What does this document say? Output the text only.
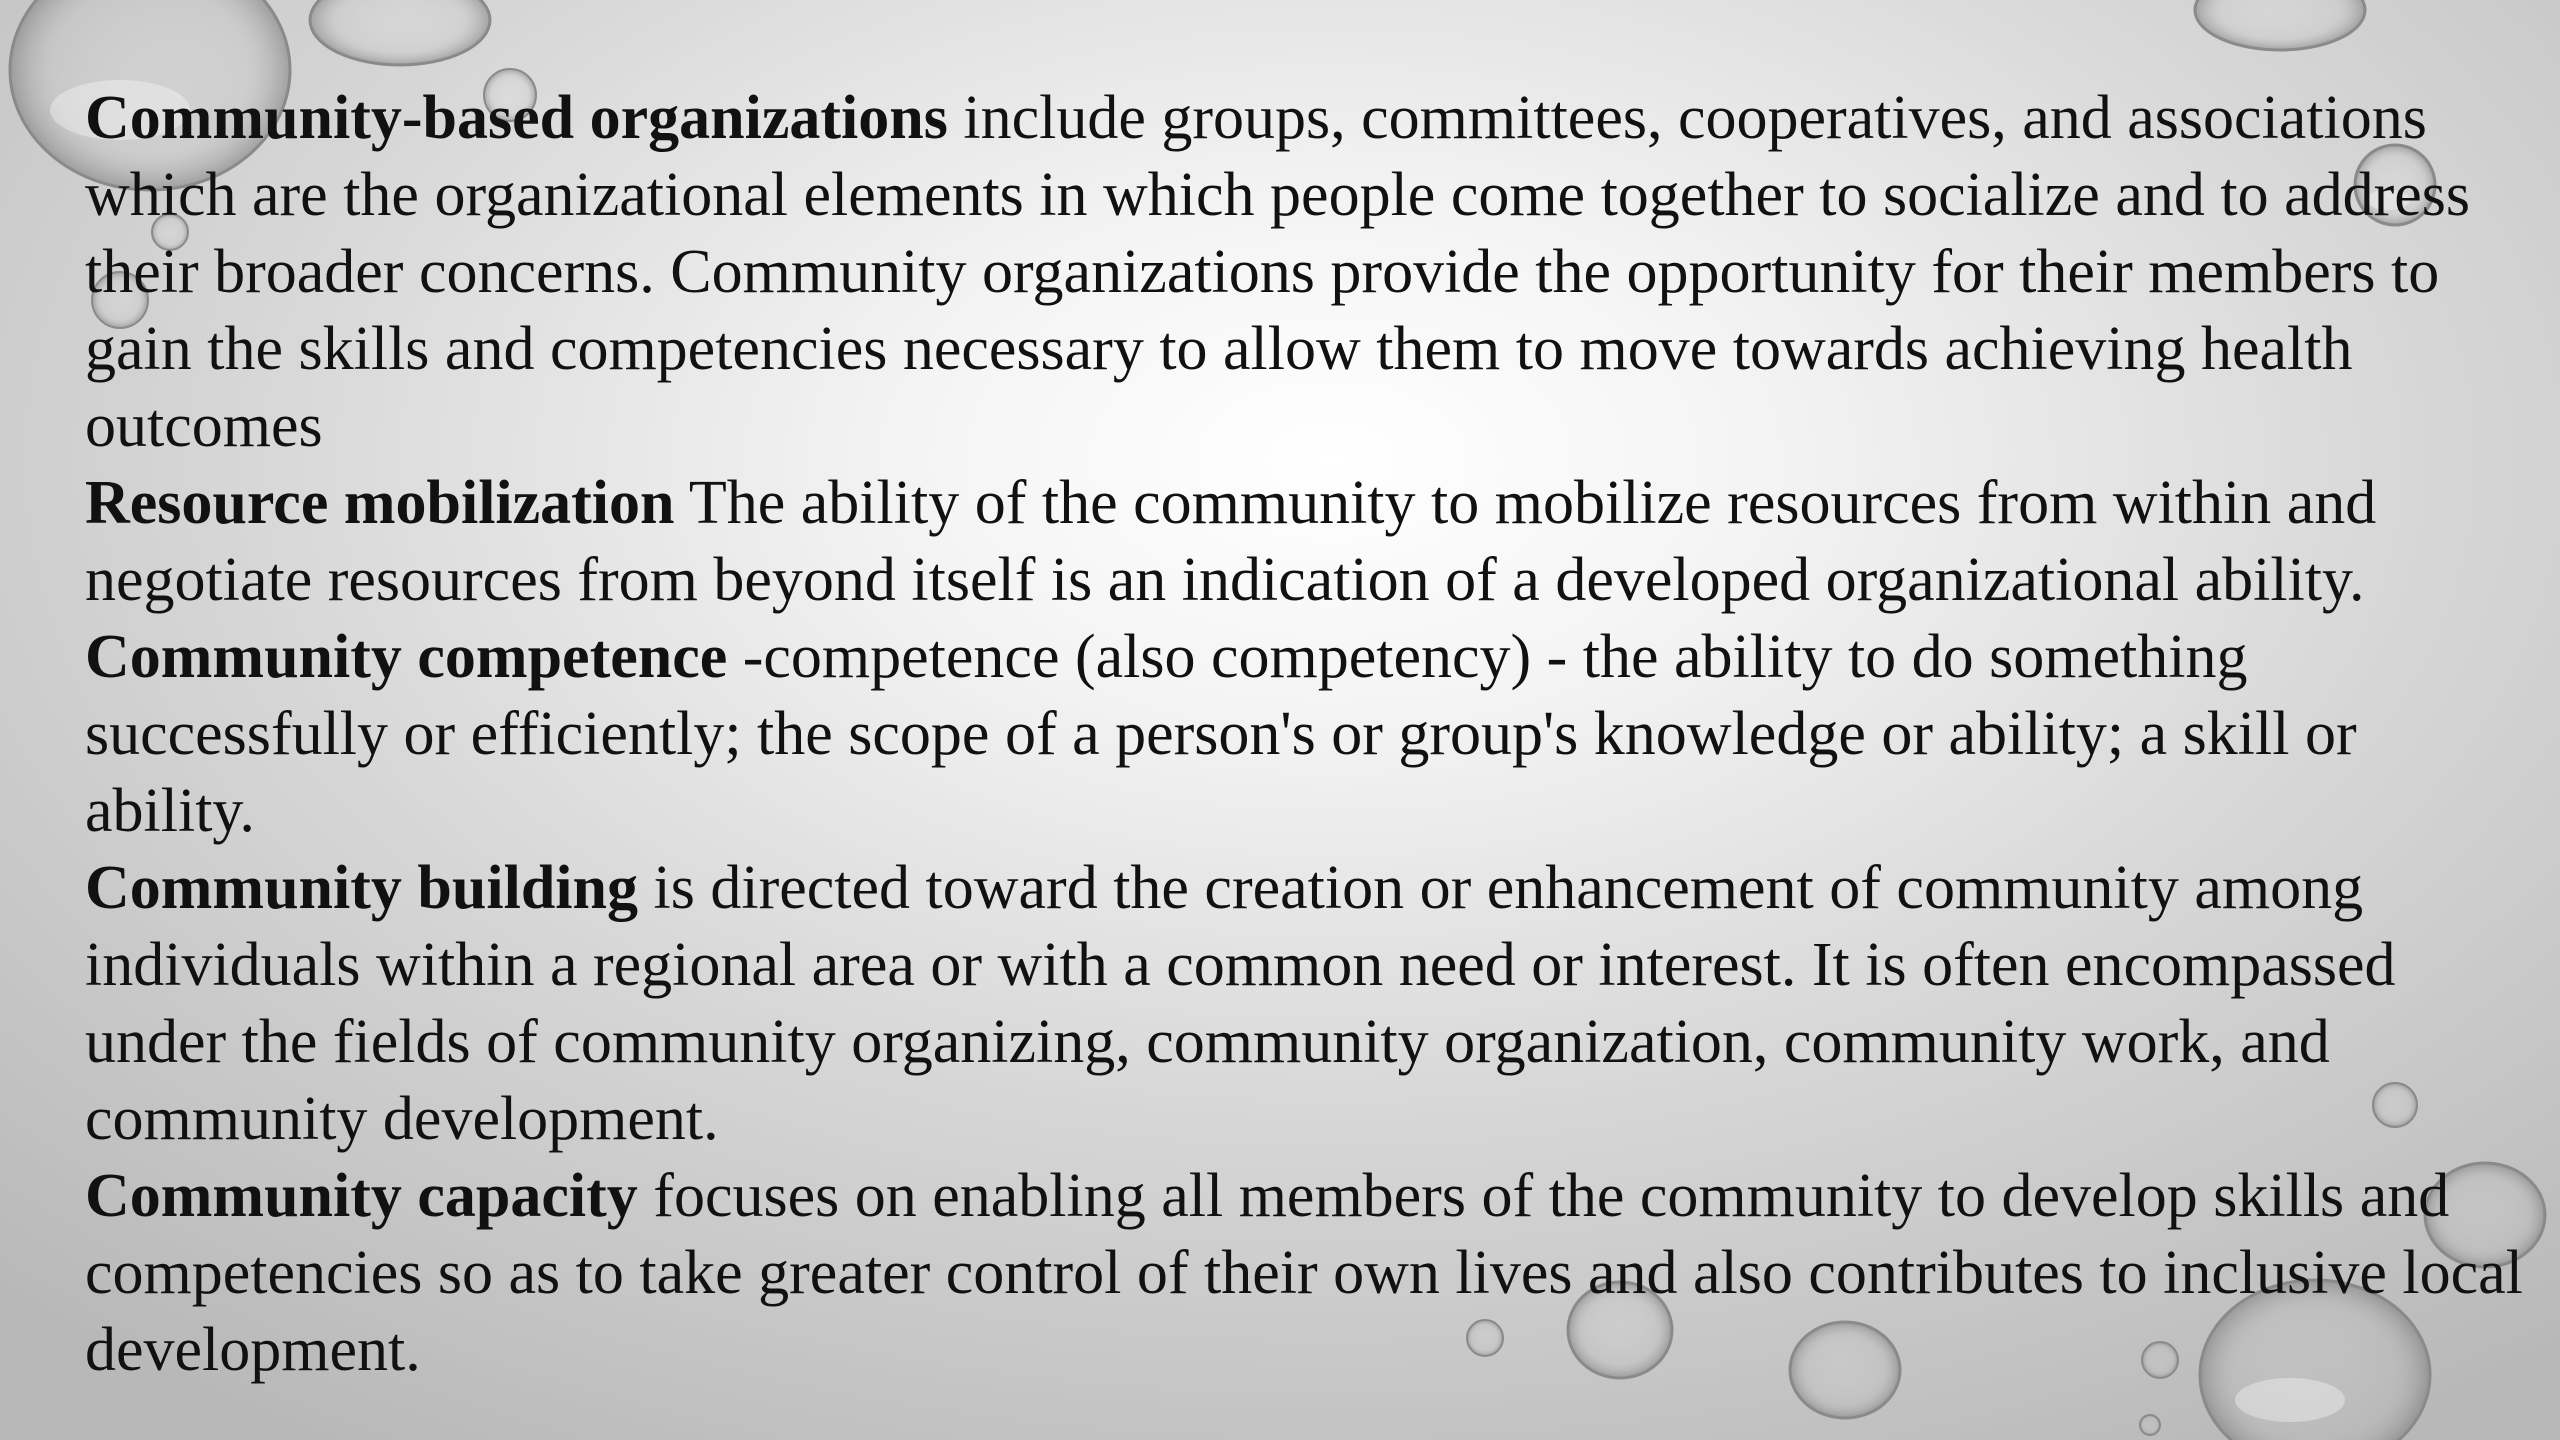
Community-based organizations include groups, committees, cooperatives, and associations which are the organizational elements in which people come together to socialize and to address their broader concerns. Community organizations provide the opportunity for their members to gain the skills and competencies necessary to allow them to move towards achieving health outcomes

Resource mobilization The ability of the community to mobilize resources from within and negotiate resources from beyond itself is an indication of a developed organizational ability.

Community competence -competence (also competency) - the ability to do something successfully or efficiently; the scope of a person's or group's knowledge or ability; a skill or ability.

Community building is directed toward the creation or enhancement of community among individuals within a regional area or with a common need or interest. It is often encompassed under the fields of community organizing, community organization, community work, and community development.

Community capacity focuses on enabling all members of the community to develop skills and competencies so as to take greater control of their own lives and also contributes to inclusive local development.
